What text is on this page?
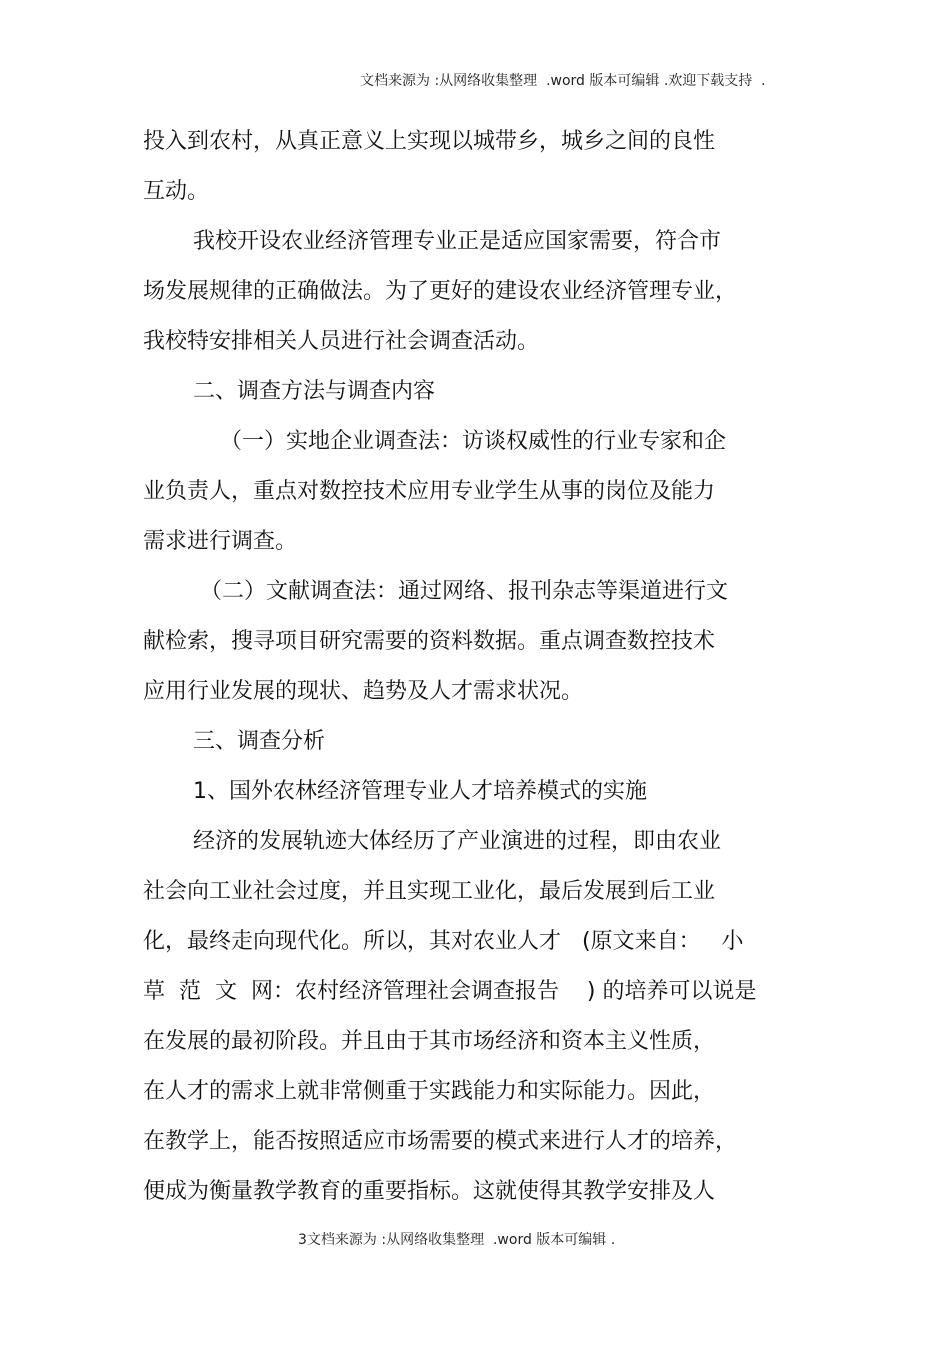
文档来源为 :从网络收集整理  .word 版本可编辑 .欢迎下载支持  .
投入到农村，从真正意义上实现以城带乡，城乡之间的良性
互动。
我校开设农业经济管理专业正是适应国家需要，符合市
场发展规律的正确做法。为了更好的建设农业经济管理专业，
我校特安排相关人员进行社会调查活动。
二、调查方法与调查内容
（一）实地企业调查法：访谈权威性的行业专家和企
业负责人，重点对数控技术应用专业学生从事的岗位及能力
需求进行调查。
（二）文献调查法：通过网络、报刊杂志等渠道进行文
献检索，搜寻项目研究需要的资料数据。重点调查数控技术
应用行业发展的现状、趋势及人才需求状况。
三、调查分析
1、国外农林经济管理专业人才培养模式的实施
经济的发展轨迹大体经历了产业演进的过程，即由农业
社会向工业社会过度，并且实现工业化，最后发展到后工业
化，最终走向现代化。所以，其对农业人才   (原文来自：   小
草  范  文  网：农村经济管理社会调查报告    ) 的培养可以说是
在发展的最初阶段。并且由于其市场经济和资本主义性质，
在人才的需求上就非常侧重于实践能力和实际能力。因此，
在教学上，能否按照适应市场需要的模式来进行人才的培养，
便成为衡量教学教育的重要指标。这就使得其教学安排及人
3文档来源为 :从网络收集整理  .word 版本可编辑 .
